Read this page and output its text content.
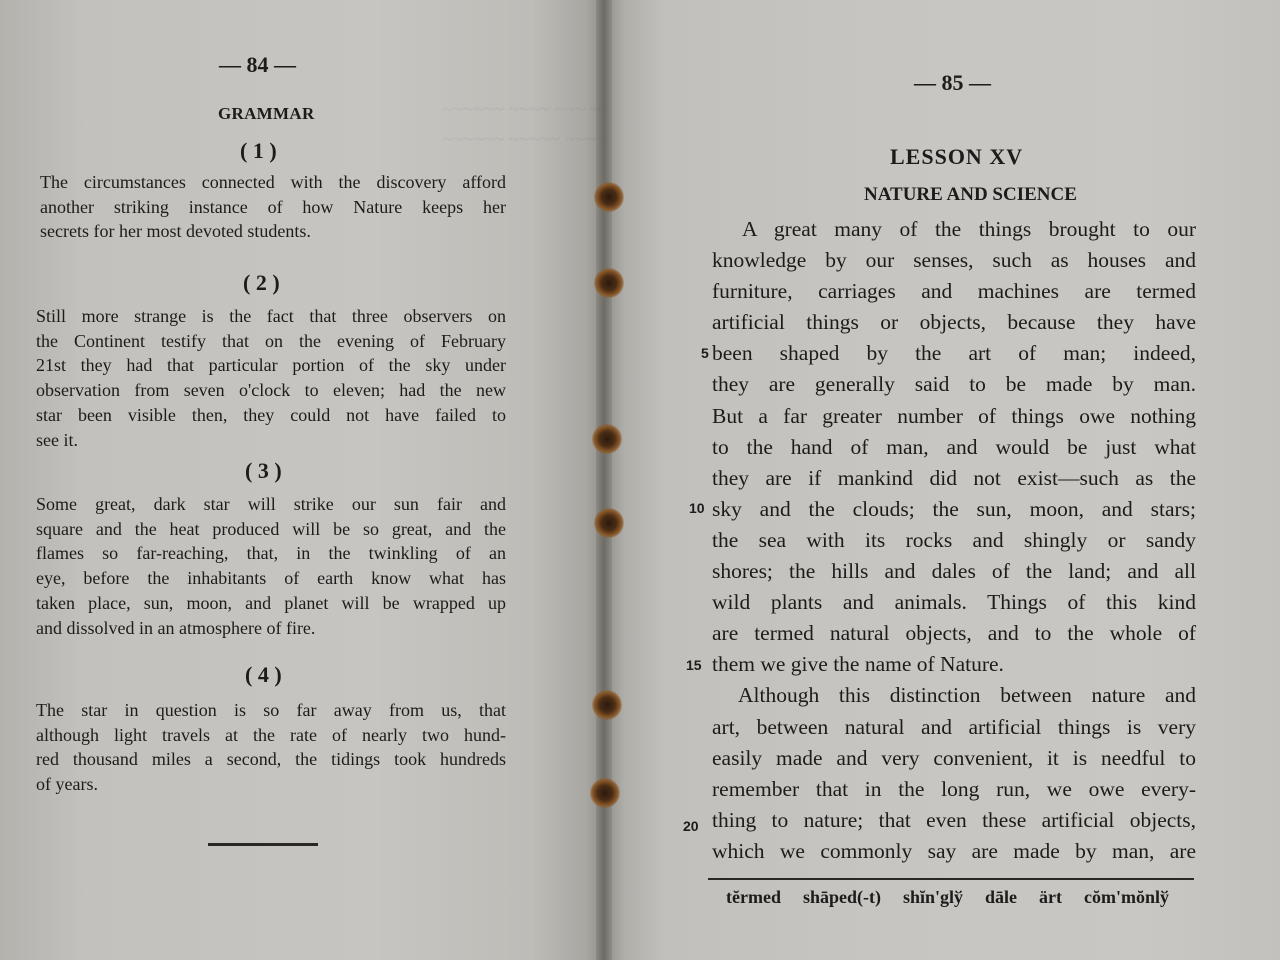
~~~~~~ ~~~~ ~~~
~~~~~~ ~~~~~
— 84 —
GRAMMAR
( 1 )
The circumstances connected with the discovery afford
another striking instance of how Nature keeps her
secrets for her most devoted students.
( 2 )
Still more strange is the fact that three observers on
the Continent testify that on the evening of February
21st they had that particular portion of the sky under
observation from seven o'clock to eleven; had the new
star been visible then, they could not have failed to
see it.
( 3 )
Some great, dark star will strike our sun fair and
square and the heat produced will be so great, and the
flames so far-reaching, that, in the twinkling of an
eye, before the inhabitants of earth know what has
taken place, sun, moon, and planet will be wrapped up
and dissolved in an atmosphere of fire.
( 4 )
The star in question is so far away from us, that
although light travels at the rate of nearly two hund-
red thousand miles a second, the tidings took hundreds
of years.
— 85 —
LESSON XV
NATURE AND SCIENCE
5
10
15
20
A great many of the things brought to our
knowledge by our senses, such as houses and
furniture, carriages and machines are termed
artificial things or objects, because they have
been shaped by the art of man; indeed,
they are generally said to be made by man.
But a far greater number of things owe nothing
to the hand of man, and would be just what
they are if mankind did not exist—such as the
sky and the clouds; the sun, moon, and stars;
the sea with its rocks and shingly or sandy
shores; the hills and dales of the land; and all
wild plants and animals. Things of this kind
are termed natural objects, and to the whole of
them we give the name of Nature.
Although this distinction between nature and
art, between natural and artificial things is very
easily made and very convenient, it is needful to
remember that in the long run, we owe every-
thing to nature; that even these artificial objects,
which we commonly say are made by man, are
tĕrmed shāped(-t) shĭn'glў dāle ärt cŏm'mŏnlў
